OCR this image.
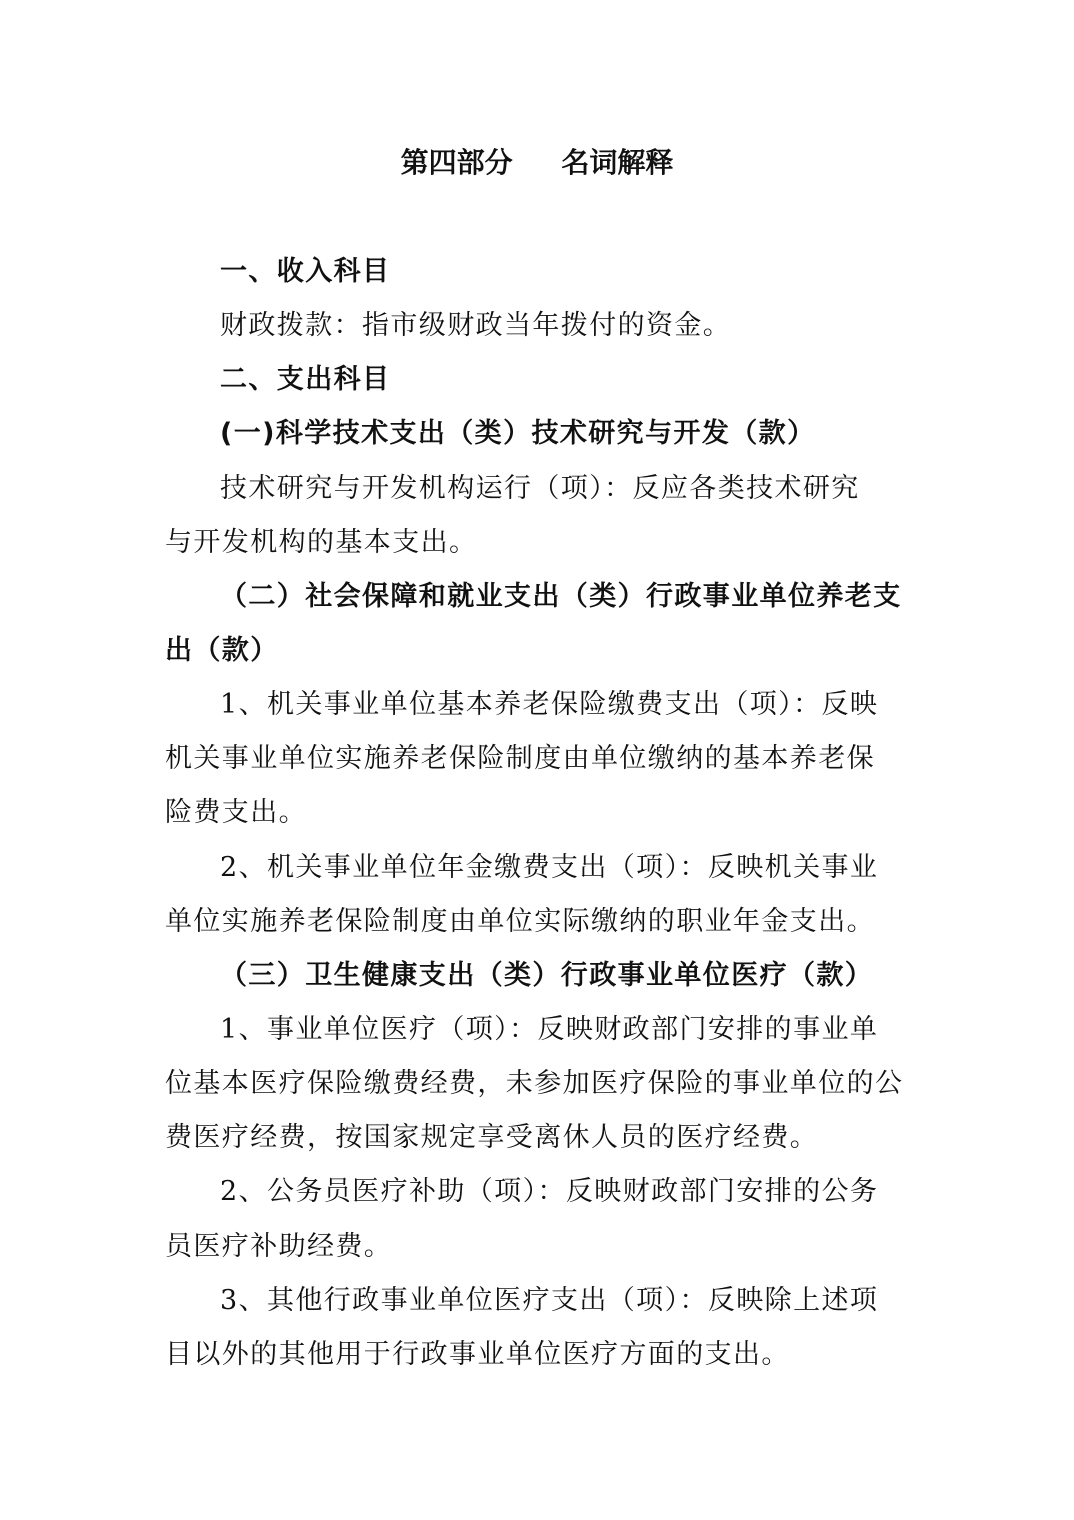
第四部分     名词解释
一、收入科目
财政拨款：指市级财政当年拨付的资金。
二、支出科目
(一)科学技术支出（类）技术研究与开发（款）
技术研究与开发机构运行（项）：反应各类技术研究
与开发机构的基本支出。
（二）社会保障和就业支出（类）行政事业单位养老支
出（款）
1、机关事业单位基本养老保险缴费支出（项）：反映
机关事业单位实施养老保险制度由单位缴纳的基本养老保
险费支出。
2、机关事业单位年金缴费支出（项）：反映机关事业
单位实施养老保险制度由单位实际缴纳的职业年金支出。
（三）卫生健康支出（类）行政事业单位医疗（款）
1、事业单位医疗（项）：反映财政部门安排的事业单
位基本医疗保险缴费经费，未参加医疗保险的事业单位的公
费医疗经费，按国家规定享受离休人员的医疗经费。
2、公务员医疗补助（项）：反映财政部门安排的公务
员医疗补助经费。
3、其他行政事业单位医疗支出（项）：反映除上述项
目以外的其他用于行政事业单位医疗方面的支出。
